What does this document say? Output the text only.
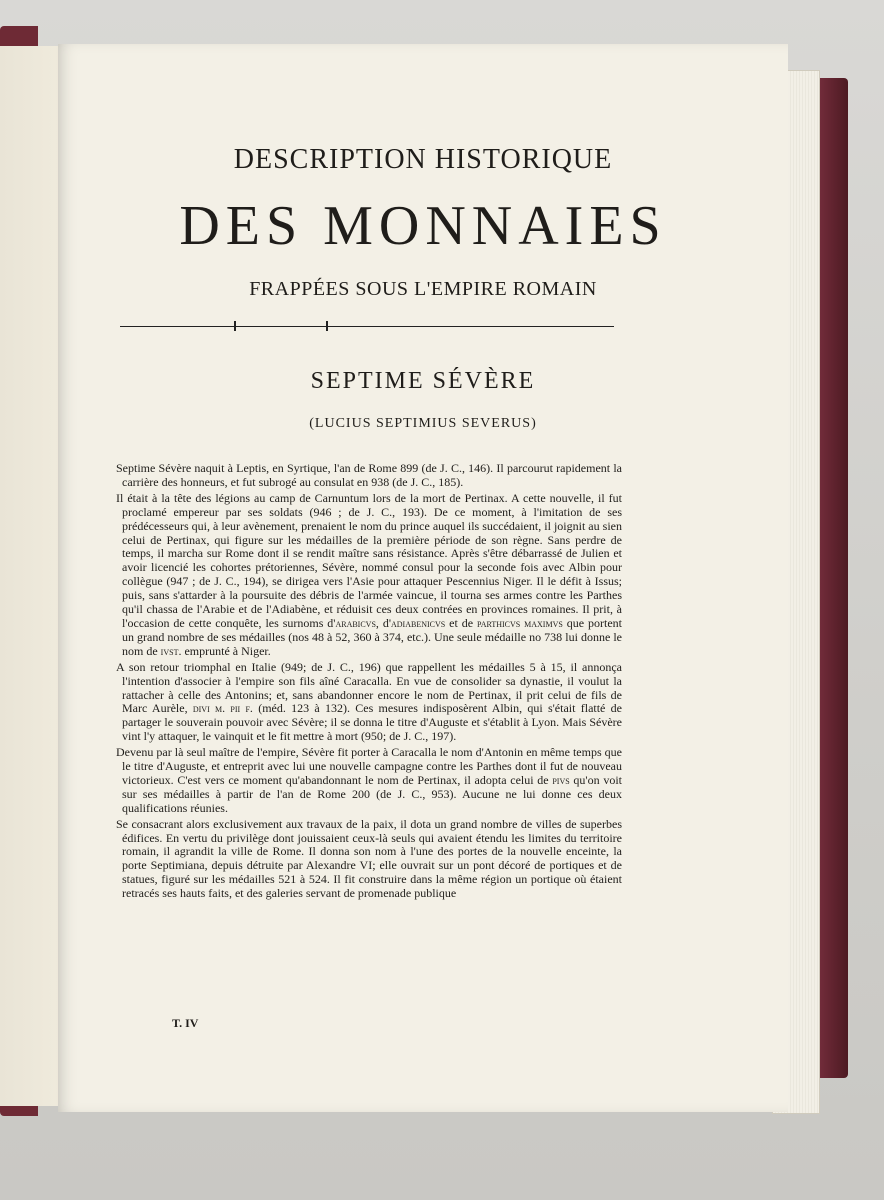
DESCRIPTION HISTORIQUE
DES MONNAIES
FRAPPÉES SOUS L'EMPIRE ROMAIN
SEPTIME SÉVÈRE
(LUCIUS SEPTIMIUS SEVERUS)

Septime Sévère naquit à Leptis, en Syrtique, l'an de Rome 899 (de J. C., 146). Il parcourut rapidement la carrière des honneurs, et fut subrogé au consulat en 938 (de J. C., 185).

Il était à la tête des légions au camp de Carnuntum lors de la mort de Pertinax. A cette nouvelle, il fut proclamé empereur par ses soldats (946 ; de J. C., 193). De ce moment, à l'imitation de ses prédécesseurs qui, à leur avènement, prenaient le nom du prince auquel ils succédaient, il joignit au sien celui de Pertinax, qui figure sur les médailles de la première période de son règne. Sans perdre de temps, il marcha sur Rome dont il se rendit maître sans résistance. Après s'être débarrassé de Julien et avoir licencié les cohortes prétoriennes, Sévère, nommé consul pour la seconde fois avec Albin pour collègue (947 ; de J. C., 194), se dirigea vers l'Asie pour attaquer Pescennius Niger. Il le défit à Issus; puis, sans s'attarder à la poursuite des débris de l'armée vaincue, il tourna ses armes contre les Parthes qu'il chassa de l'Arabie et de l'Adiabène, et réduisit ces deux contrées en provinces romaines. Il prit, à l'occasion de cette conquête, les surnoms d'arabicvs, d'adiabenicvs et de parthicvs maximvs que portent un grand nombre de ses médailles (nos 48 à 52, 360 à 374, etc.). Une seule médaille no 738 lui donne le nom de ivst. emprunté à Niger.

A son retour triomphal en Italie (949; de J. C., 196) que rappellent les médailles 5 à 15, il annonça l'intention d'associer à l'empire son fils aîné Caracalla. En vue de consolider sa dynastie, il voulut la rattacher à celle des Antonins; et, sans abandonner encore le nom de Pertinax, il prit celui de fils de Marc Aurèle, divi m. pii f. (méd. 123 à 132). Ces mesures indisposèrent Albin, qui s'était flatté de partager le souverain pouvoir avec Sévère; il se donna le titre d'Auguste et s'établit à Lyon. Mais Sévère vint l'y attaquer, le vainquit et le fit mettre à mort (950; de J. C., 197).

Devenu par là seul maître de l'empire, Sévère fit porter à Caracalla le nom d'Antonin en même temps que le titre d'Auguste, et entreprit avec lui une nouvelle campagne contre les Parthes dont il fut de nouveau victorieux. C'est vers ce moment qu'abandonnant le nom de Pertinax, il adopta celui de pivs qu'on voit sur ses médailles à partir de l'an de Rome 200 (de J. C., 953). Aucune ne lui donne ces deux qualifications réunies.

Se consacrant alors exclusivement aux travaux de la paix, il dota un grand nombre de villes de superbes édifices. En vertu du privilège dont jouissaient ceux-là seuls qui avaient étendu les limites du territoire romain, il agrandit la ville de Rome. Il donna son nom à l'une des portes de la nouvelle enceinte, la porte Septimiana, depuis détruite par Alexandre VI; elle ouvrait sur un pont décoré de portiques et de statues, figuré sur les médailles 521 à 524. Il fit construire dans la même région un portique où étaient retracés ses hauts faits, et des galeries servant de promenade publique

T. IV
